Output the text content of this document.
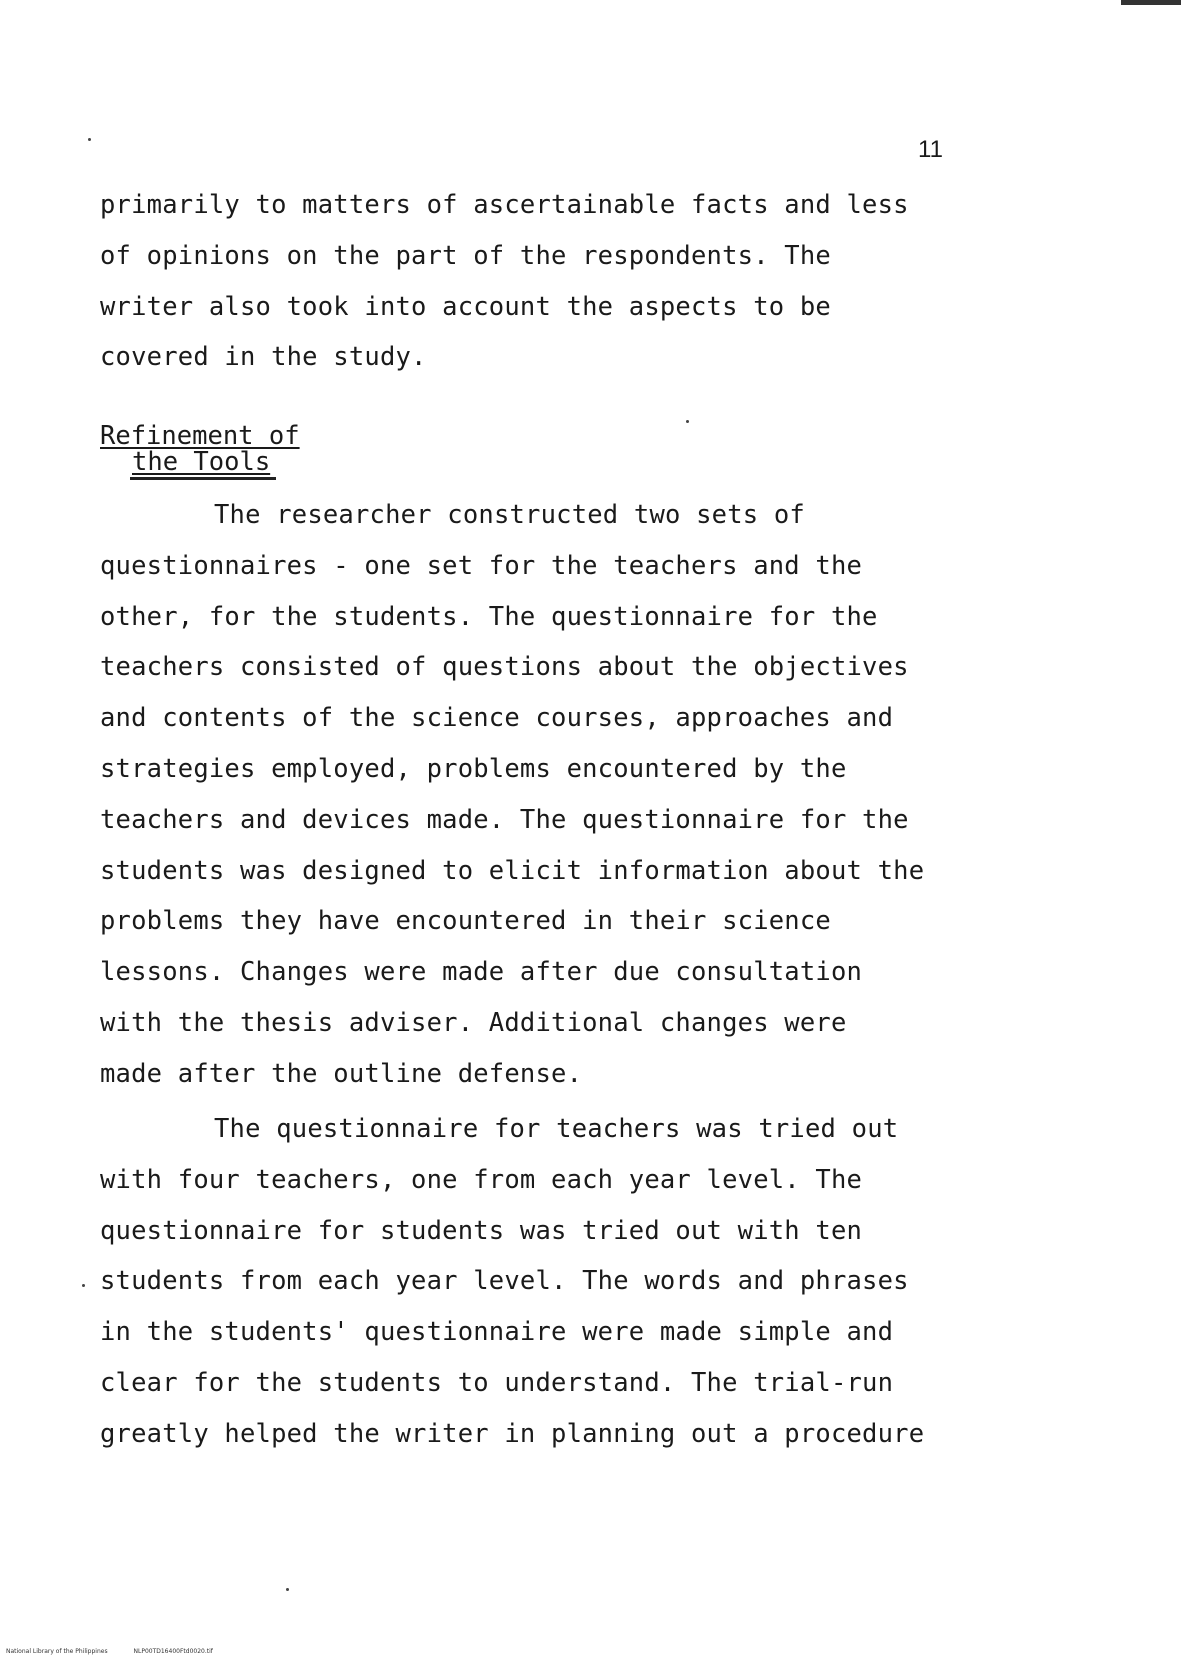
11
primarily to matters of ascertainable facts and less
of opinions on the part of the respondents. The
writer also took into account the aspects to be
covered in the study.
Refinement of
the Tools
The researcher constructed two sets of
questionnaires - one set for the teachers and the
other, for the students. The questionnaire for the
teachers consisted of questions about the objectives
and contents of the science courses, approaches and
strategies employed, problems encountered by the
teachers and devices made. The questionnaire for the
students was designed to elicit information about the
problems they have encountered in their science
lessons. Changes were made after due consultation
with the thesis adviser. Additional changes were
made after the outline defense.
The questionnaire for teachers was tried out
with four teachers, one from each year level. The
questionnaire for students was tried out with ten
students from each year level. The words and phrases
in the students' questionnaire were made simple and
clear for the students to understand. The trial-run
greatly helped the writer in planning out a procedure
National Library of the Philippines	NLP00TD16400Ftd0020.tif
